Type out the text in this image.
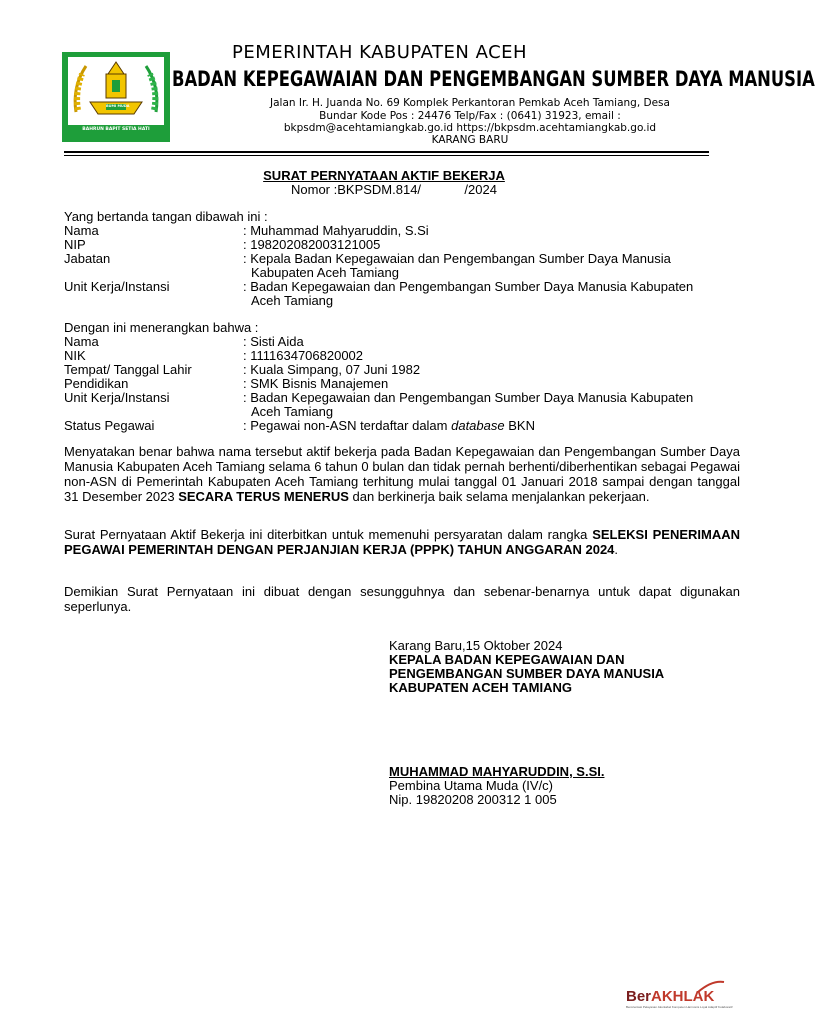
BAHRUN BAPIT SETIA HATI
BUMI MUDA
PEMERINTAH KABUPATEN ACEH
BADAN KEPEGAWAIAN DAN PENGEMBANGAN SUMBER DAYA MANUSIA
Jalan Ir. H. Juanda No. 69 Komplek Perkantoran Pemkab Aceh Tamiang, Desa
Bundar Kode Pos : 24476 Telp/Fax : (0641) 31923, email :
bkpsdm@acehtamiangkab.go.id https://bkpsdm.acehtamiangkab.go.id
KARANG BARU
SURAT PERNYATAAN AKTIF BEKERJA
Nomor :BKPSDM.814/            /2024
Yang bertanda tangan dibawah ini :
Nama	: Muhammad Mahyaruddin, S.Si
NIP	: 198202082003121005
Jabatan	: Kepala Badan Kepegawaian dan Pengembangan Sumber Daya Manusia
Kabupaten Aceh Tamiang
Unit Kerja/Instansi	: Badan Kepegawaian dan Pengembangan Sumber Daya Manusia Kabupaten
Aceh Tamiang
Dengan ini menerangkan bahwa :
Nama	: Sisti Aida
NIK	: 1111634706820002
Tempat/ Tanggal Lahir	: Kuala Simpang, 07 Juni 1982
Pendidikan	: SMK Bisnis Manajemen
Unit Kerja/Instansi	: Badan Kepegawaian dan Pengembangan Sumber Daya Manusia Kabupaten
Aceh Tamiang
Status Pegawai	: Pegawai non-ASN terdaftar dalam database BKN
Menyatakan benar bahwa nama tersebut aktif bekerja pada Badan Kepegawaian dan Pengembangan Sumber Daya Manusia Kabupaten Aceh Tamiang selama 6 tahun 0 bulan dan tidak pernah berhenti/diberhentikan sebagai Pegawai non-ASN di Pemerintah Kabupaten Aceh Tamiang terhitung mulai tanggal 01 Januari 2018 sampai dengan tanggal 31 Desember 2023 SECARA TERUS MENERUS dan berkinerja baik selama menjalankan pekerjaan.
Surat Pernyataan Aktif Bekerja ini diterbitkan untuk memenuhi persyaratan dalam rangka SELEKSI PENERIMAAN PEGAWAI PEMERINTAH DENGAN PERJANJIAN KERJA (PPPK) TAHUN ANGGARAN 2024.
Demikian Surat Pernyataan ini dibuat dengan sesungguhnya dan sebenar-benarnya untuk dapat digunakan seperlunya.
Karang Baru,15 Oktober 2024
KEPALA BADAN KEPEGAWAIAN DAN
PENGEMBANGAN SUMBER DAYA MANUSIA
KABUPATEN ACEH TAMIANG
MUHAMMAD MAHYARUDDIN, S.SI.
Pembina Utama Muda (IV/c)
Nip. 19820208 200312 1 005
BerAKHLAK
Berorientasi Pelayanan Akuntabel Kompeten Harmonis Loyal Adaptif Kolaboratif
